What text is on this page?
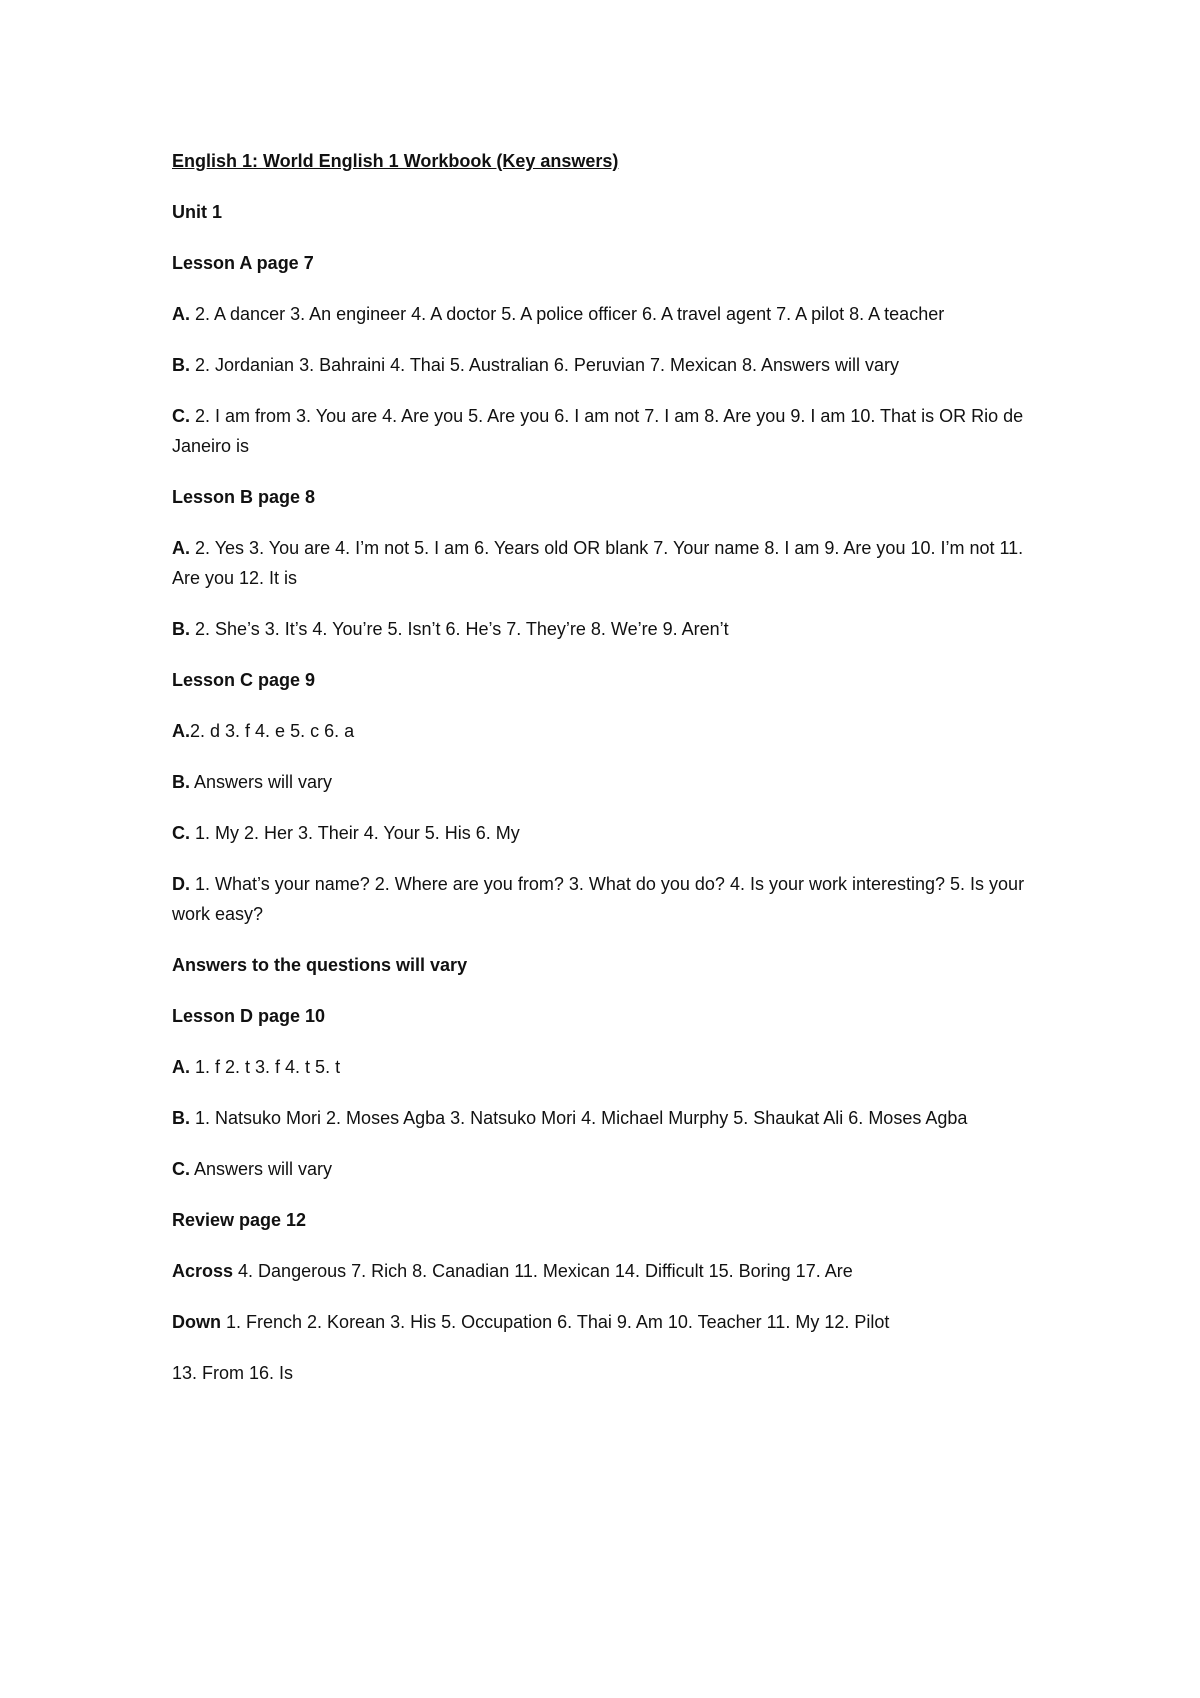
English 1: World English 1 Workbook (Key answers)
Unit 1
Lesson A page 7
A. 2. A dancer 3. An engineer 4. A doctor 5. A police officer 6. A travel agent 7. A pilot 8. A teacher
B. 2. Jordanian 3. Bahraini 4. Thai 5. Australian 6. Peruvian 7. Mexican 8. Answers will vary
C. 2. I am from 3. You are 4. Are you 5. Are you 6. I am not 7. I am 8. Are you 9. I am 10. That is OR Rio de Janeiro is
Lesson B page 8
A. 2. Yes 3. You are 4. I’m not 5. I am 6. Years old OR blank 7. Your name 8. I am 9. Are you 10. I’m not 11. Are you 12. It is
B. 2. She’s 3. It’s 4. You’re 5. Isn’t 6. He’s 7. They’re 8. We’re 9. Aren’t
Lesson C page 9
A.2. d 3. f 4. e 5. c 6. a
B. Answers will vary
C. 1. My 2. Her 3. Their 4. Your 5. His 6. My
D. 1. What’s your name? 2. Where are you from? 3. What do you do? 4. Is your work interesting? 5. Is your work easy?
Answers to the questions will vary
Lesson D page 10
A. 1. f 2. t 3. f 4. t 5. t
B. 1. Natsuko Mori 2. Moses Agba 3. Natsuko Mori 4. Michael Murphy 5. Shaukat Ali 6. Moses Agba
C. Answers will vary
Review page 12
Across 4. Dangerous 7. Rich 8. Canadian 11. Mexican 14. Difficult 15. Boring 17. Are
Down 1. French 2. Korean 3. His 5. Occupation 6. Thai 9. Am 10. Teacher 11. My 12. Pilot
13. From 16. Is
